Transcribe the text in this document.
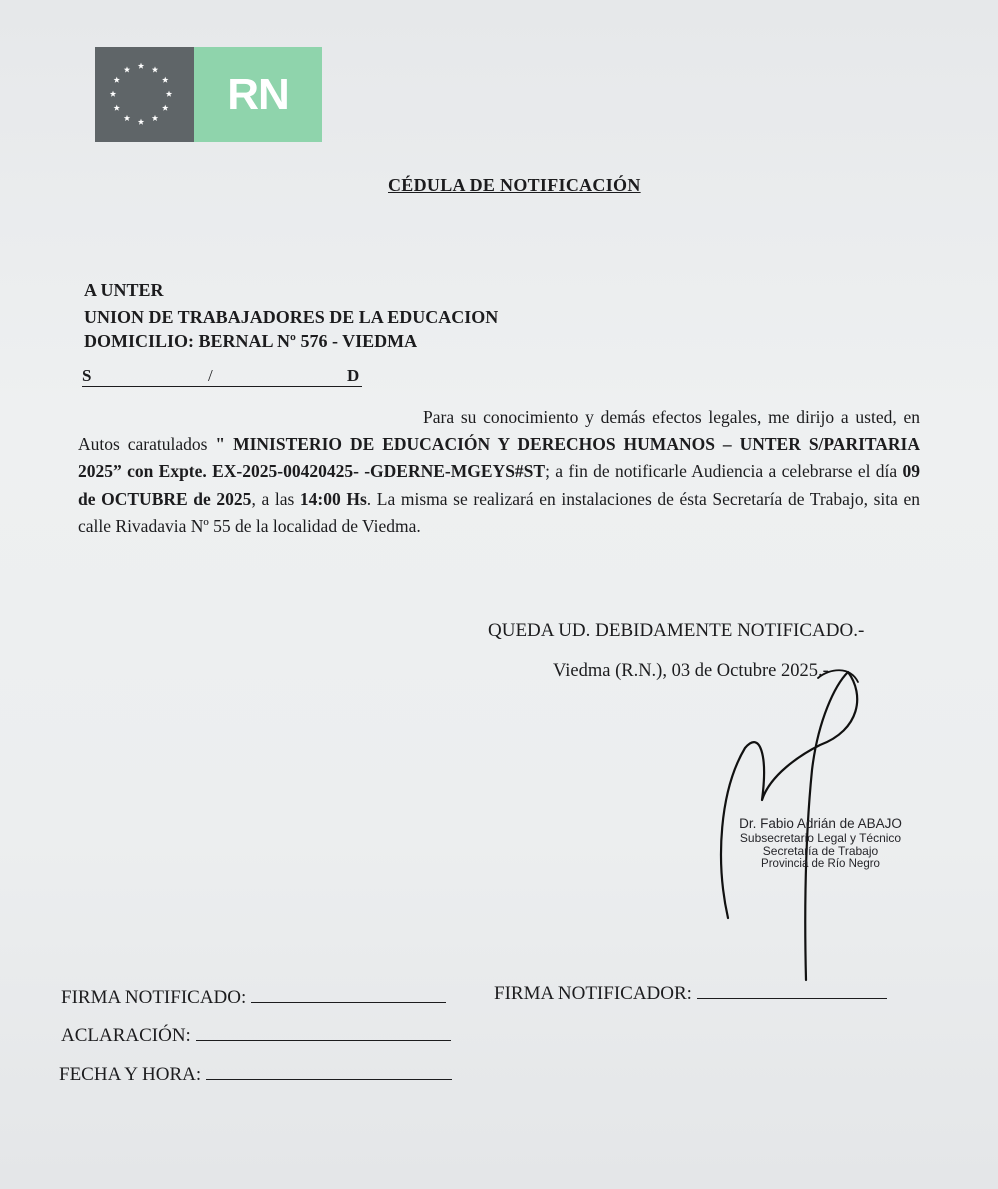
RN
CÉDULA DE NOTIFICACIÓN
A UNTER
UNION DE TRABAJADORES DE LA EDUCACION
DOMICILIO: BERNAL Nº 576 - VIEDMA
S	/	D
Para su conocimiento y demás efectos legales, me dirijo a usted, en Autos caratulados " MINISTERIO DE EDUCACIÓN Y DERECHOS HUMANOS – UNTER S/PARITARIA 2025” con Expte. EX-2025-00420425- -GDERNE-MGEYS#ST; a fin de notificarle Audiencia a celebrarse el día 09 de OCTUBRE de 2025, a las 14:00 Hs. La misma se realizará en instalaciones de ésta Secretaría de Trabajo, sita en calle Rivadavia Nº 55 de la localidad de Viedma.
QUEDA UD. DEBIDAMENTE NOTIFICADO.-
Viedma (R.N.), 03 de Octubre 2025.-
Dr. Fabio Adrián de ABAJO
Subsecretario Legal y Técnico
Secretaría de Trabajo
Provincia de Río Negro
FIRMA NOTIFICADO:	FIRMA NOTIFICADOR:
ACLARACIÓN:
FECHA Y HORA:
